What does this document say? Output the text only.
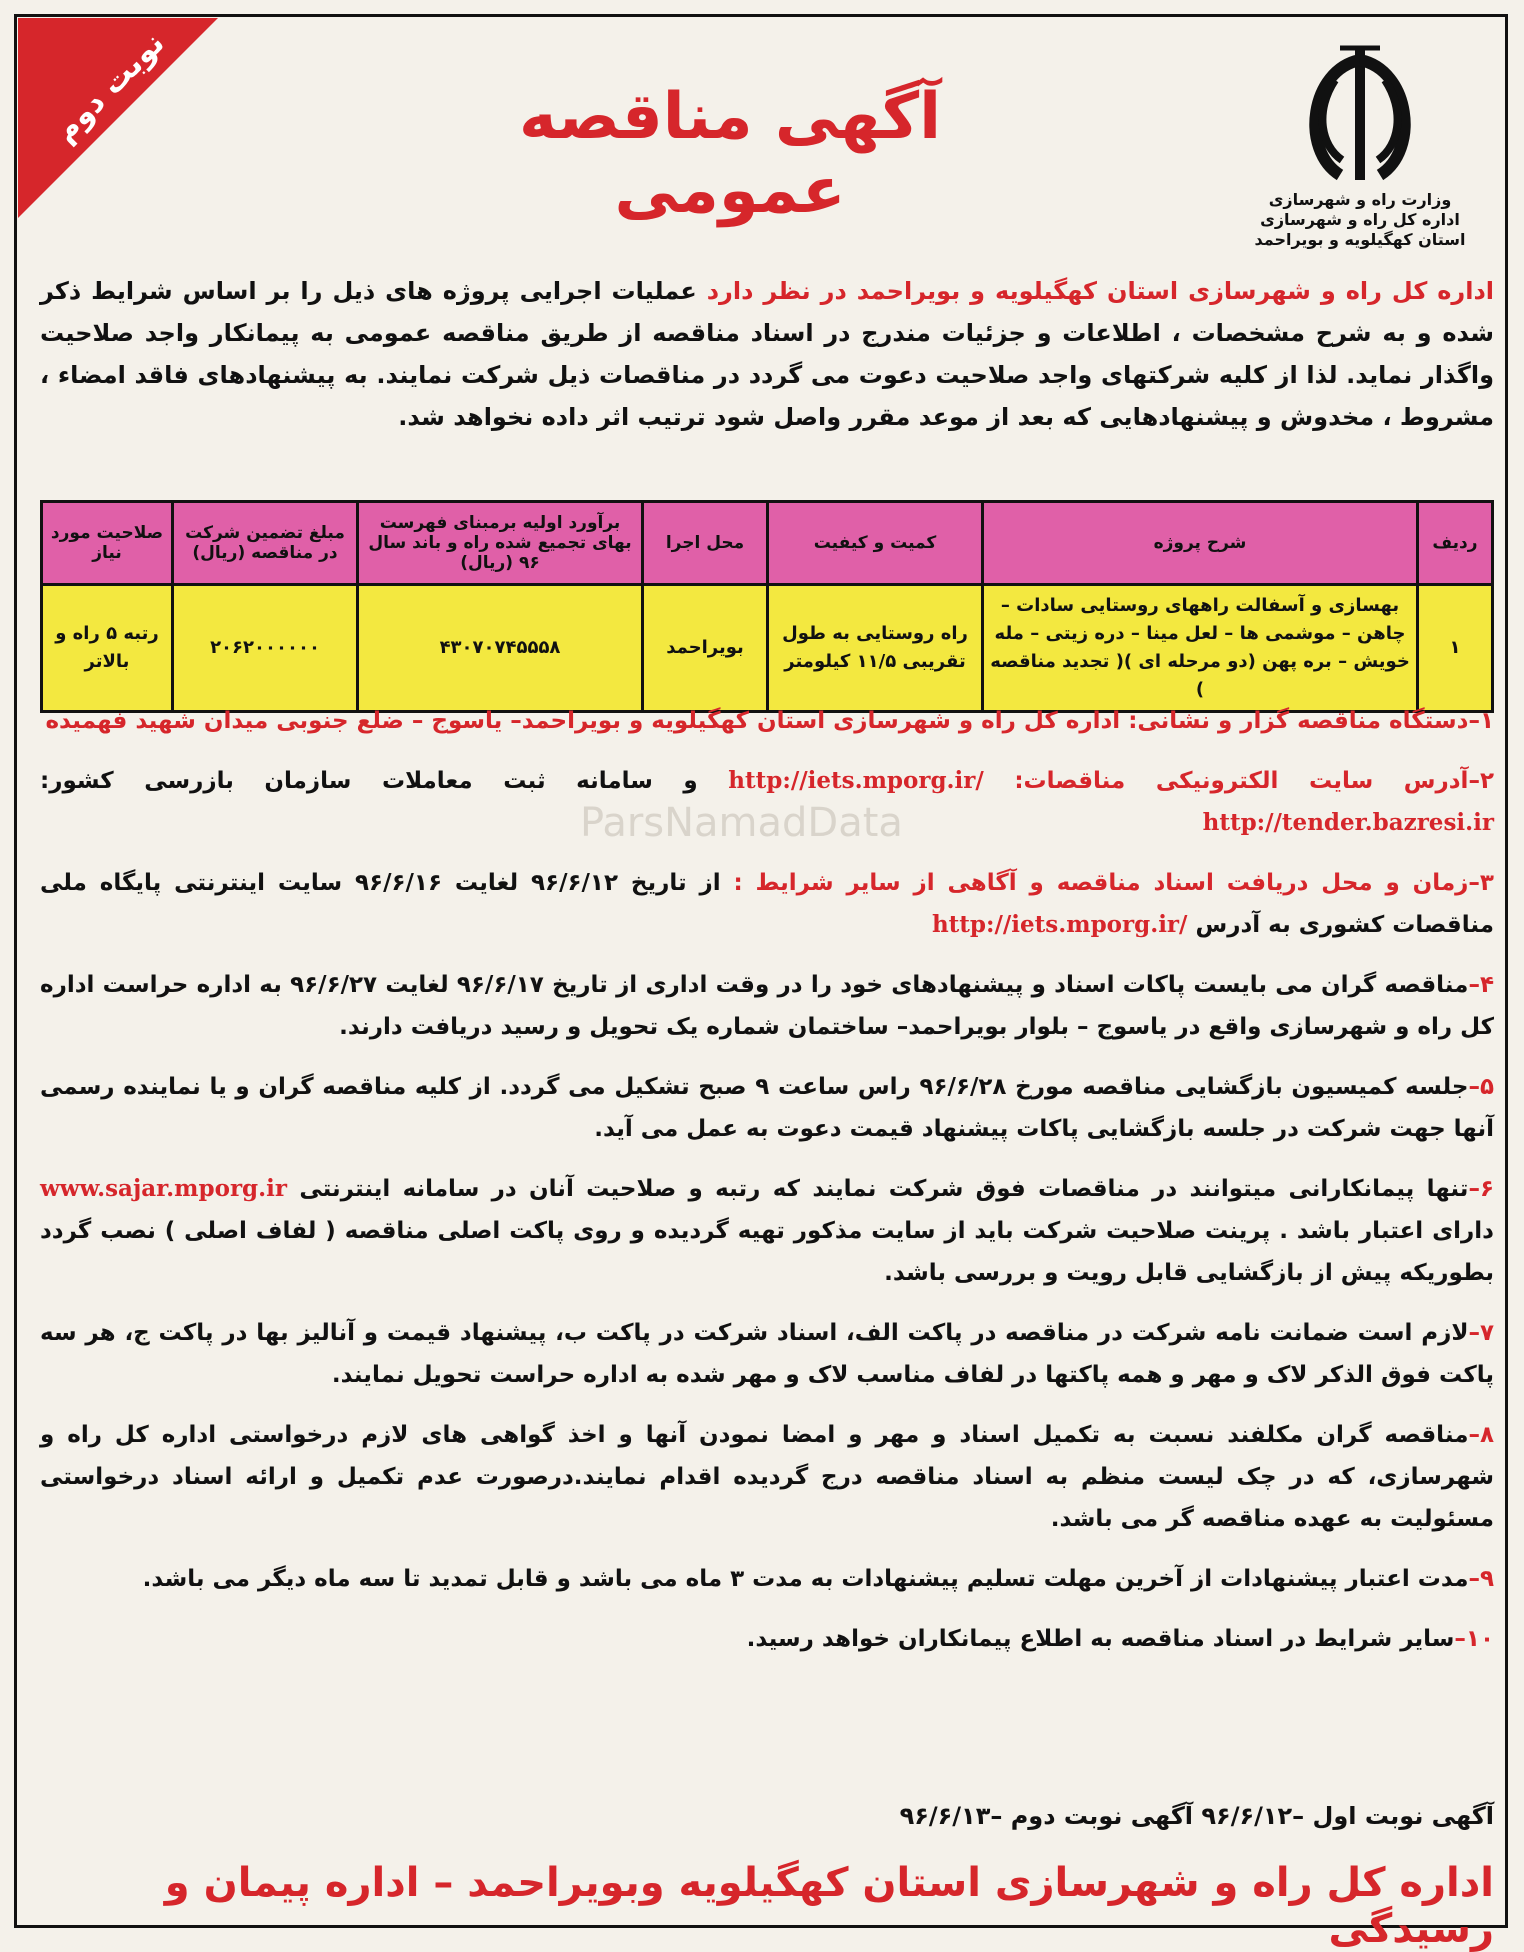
نوبت دوم	آگهی مناقصه عمومی	وزارت راه و شهرسازی
اداره کل راه و شهرسازی
استان کهگیلویه و بویراحمد
اداره کل راه و شهرسازی استان کهگیلویه و بویراحمد در نظر دارد عملیات اجرایی پروژه های ذیل را بر اساس شرایط ذکر شده و به شرح مشخصات ، اطلاعات و جزئیات مندرج در اسناد مناقصه از طریق مناقصه عمومی به پیمانکار واجد صلاحیت واگذار نماید. لذا از کلیه شرکتهای واجد صلاحیت دعوت می گردد در مناقصات ذیل شرکت نمایند. به پیشنهادهای فاقد امضاء ، مشروط ، مخدوش و پیشنهادهایی که بعد از موعد مقرر واصل شود ترتیب اثر داده نخواهد شد.
ردیف	شرح پروژه	کمیت و کیفیت	محل اجرا	برآورد اولیه برمبنای فهرست بهای تجمیع شده راه و باند سال ۹۶ (ریال)	مبلغ تضمین شرکت در مناقصه (ریال)	صلاحیت مورد نیاز
۱	بهسازی و آسفالت راههای روستایی سادات – چاهن – موشمی ها – لعل مینا – دره زیتی – مله خویش – بره پهن (دو مرحله ای )( تجدید مناقصه )	راه روستایی به طول تقریبی ۱۱/۵ کیلومتر	بویراحمد	۴۳۰۷۰۷۴۵۵۵۸	۲۰۶۲۰۰۰۰۰۰	رتبه ۵ راه و بالاتر
ParsNamadData
۱–دستگاه مناقصه گزار و نشانی: اداره کل راه و شهرسازی استان کهگیلویه و بویراحمد– یاسوج – ضلع جنوبی میدان شهید فهمیده
۲–آدرس سایت الکترونیکی مناقصات: http://iets.mporg.ir/ و سامانه ثبت معاملات سازمان بازرسی کشور: http://tender.bazresi.ir
۳–زمان و محل دریافت اسناد مناقصه و آگاهی از سایر شرایط : از تاریخ ۹۶/۶/۱۲ لغایت ۹۶/۶/۱۶ سایت اینترنتی پایگاه ملی مناقصات کشوری به آدرس http://iets.mporg.ir/
۴–مناقصه گران می بایست پاکات اسناد و پیشنهادهای خود را در وقت اداری از تاریخ ۹۶/۶/۱۷ لغایت ۹۶/۶/۲۷ به اداره حراست اداره کل راه و شهرسازی واقع در یاسوج – بلوار بویراحمد– ساختمان شماره یک تحویل و رسید دریافت دارند.
۵–جلسه کمیسیون بازگشایی مناقصه مورخ ۹۶/۶/۲۸ راس ساعت ۹ صبح تشکیل می گردد. از کلیه مناقصه گران و یا نماینده رسمی آنها جهت شرکت در جلسه بازگشایی پاکات پیشنهاد قیمت دعوت به عمل می آید.
۶–تنها پیمانکارانی میتوانند در مناقصات فوق شرکت نمایند که رتبه و صلاحیت آنان در سامانه اینترنتی www.sajar.mporg.ir دارای اعتبار باشد . پرینت صلاحیت شرکت باید از سایت مذکور تهیه گردیده و روی پاکت اصلی مناقصه ( لفاف اصلی ) نصب گردد بطوریکه پیش از بازگشایی قابل رویت و بررسی باشد.
۷–لازم است ضمانت نامه شرکت در مناقصه در پاکت الف، اسناد شرکت در پاکت ب، پیشنهاد قیمت و آنالیز بها در پاکت ج، هر سه پاکت فوق الذکر لاک و مهر و همه پاکتها در لفاف مناسب لاک و مهر شده به اداره حراست تحویل نمایند.
۸–مناقصه گران مکلفند نسبت به تکمیل اسناد و مهر و امضا نمودن آنها و اخذ گواهی های لازم درخواستی اداره کل راه و شهرسازی، که در چک لیست منظم به اسناد مناقصه درج گردیده اقدام نمایند.درصورت عدم تکمیل و ارائه اسناد درخواستی مسئولیت به عهده مناقصه گر می باشد.
۹–مدت اعتبار پیشنهادات از آخرین مهلت تسلیم پیشنهادات به مدت ۳ ماه می باشد و قابل تمدید تا سه ماه دیگر می باشد.
۱۰–سایر شرایط در اسناد مناقصه به اطلاع پیمانکاران خواهد رسید.
آگهی نوبت اول –۹۶/۶/۱۲ آگهی نوبت دوم –۹۶/۶/۱۳
اداره کل راه و شهرسازی استان کهگیلویه وبویراحمد – اداره پیمان و رسیدگی
